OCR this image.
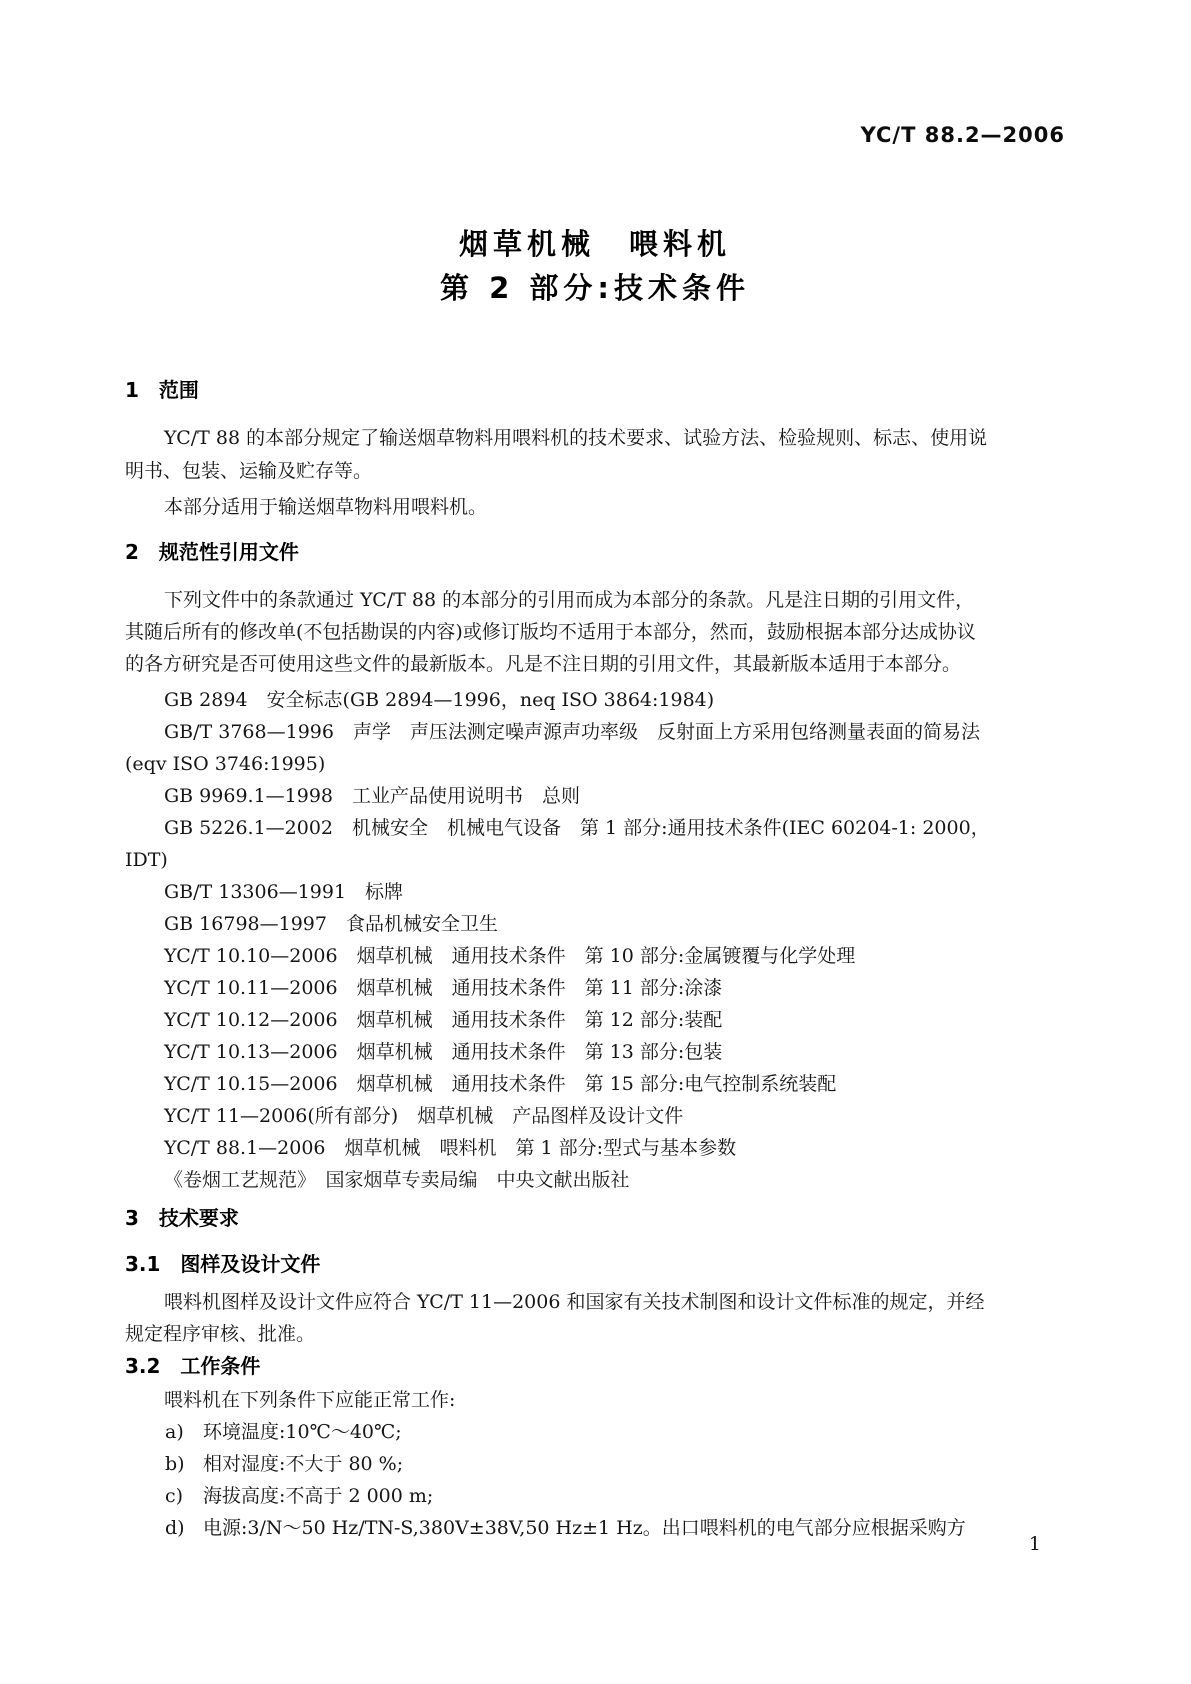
YC/T 88.2—2006
烟草机械　喂料机
第 2 部分:技术条件
1　范围
YC/T 88 的本部分规定了输送烟草物料用喂料机的技术要求、试验方法、检验规则、标志、使用说
明书、包装、运输及贮存等。
本部分适用于输送烟草物料用喂料机。
2　规范性引用文件
下列文件中的条款通过 YC/T 88 的本部分的引用而成为本部分的条款。凡是注日期的引用文件，
其随后所有的修改单(不包括勘误的内容)或修订版均不适用于本部分，然而，鼓励根据本部分达成协议
的各方研究是否可使用这些文件的最新版本。凡是不注日期的引用文件，其最新版本适用于本部分。
GB 2894　安全标志(GB 2894—1996，neq ISO 3864:1984)
GB/T 3768—1996　声学　声压法测定噪声源声功率级　反射面上方采用包络测量表面的简易法
(eqv ISO 3746:1995)
GB 9969.1—1998　工业产品使用说明书　总则
GB 5226.1—2002　机械安全　机械电气设备　第 1 部分:通用技术条件(IEC 60204-1: 2000，
IDT)
GB/T 13306—1991　标牌
GB 16798—1997　食品机械安全卫生
YC/T 10.10—2006　烟草机械　通用技术条件　第 10 部分:金属镀覆与化学处理
YC/T 10.11—2006　烟草机械　通用技术条件　第 11 部分:涂漆
YC/T 10.12—2006　烟草机械　通用技术条件　第 12 部分:装配
YC/T 10.13—2006　烟草机械　通用技术条件　第 13 部分:包装
YC/T 10.15—2006　烟草机械　通用技术条件　第 15 部分:电气控制系统装配
YC/T 11—2006(所有部分)　烟草机械　产品图样及设计文件
YC/T 88.1—2006　烟草机械　喂料机　第 1 部分:型式与基本参数
《卷烟工艺规范》　国家烟草专卖局编　中央文献出版社
3　技术要求
3.1　图样及设计文件
喂料机图样及设计文件应符合 YC/T 11—2006 和国家有关技术制图和设计文件标准的规定，并经
规定程序审核、批准。
3.2　工作条件
喂料机在下列条件下应能正常工作:
a) 环境温度:10℃～40℃;
b) 相对湿度:不大于 80 %;
c) 海拔高度:不高于 2 000 m;
d) 电源:3/N～50 Hz/TN-S,380V±38V,50 Hz±1 Hz。出口喂料机的电气部分应根据采购方
1
